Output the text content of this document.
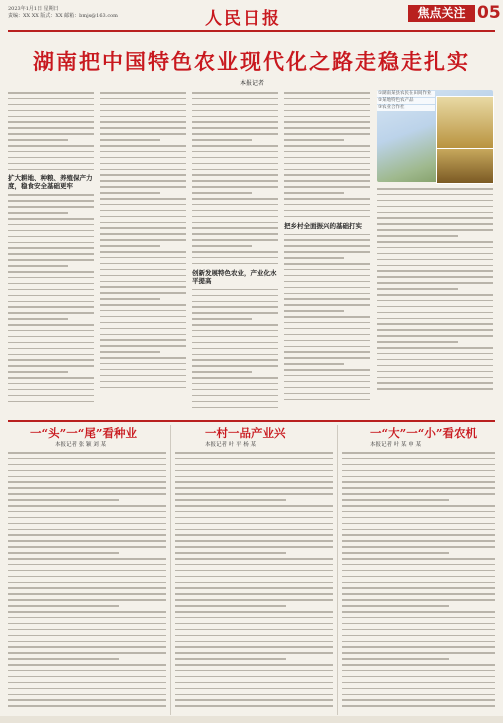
2023年1月1日 星期日
责编：XX XX 版式：XX 邮箱：bmjs@163.com	人民日报	焦点关注 05
湖南把中国特色农业现代化之路走稳走扎实
本报记者
①湖南某县农民在田间作业
②某地特色农产品
③农业合作社
扩大耕地、种粮、养殖保产力度，稳食安全基础更牢
创新发展特色农业，产业化水平提高
把乡村全面振兴的基础打实
一“头”一“尾”看种业
本报记者 张 颖 刘 某
一村一品产业兴
本报记者 叶 平 杨 某
一“大”一“小”看农机
本报记者 叶 某 申 某
